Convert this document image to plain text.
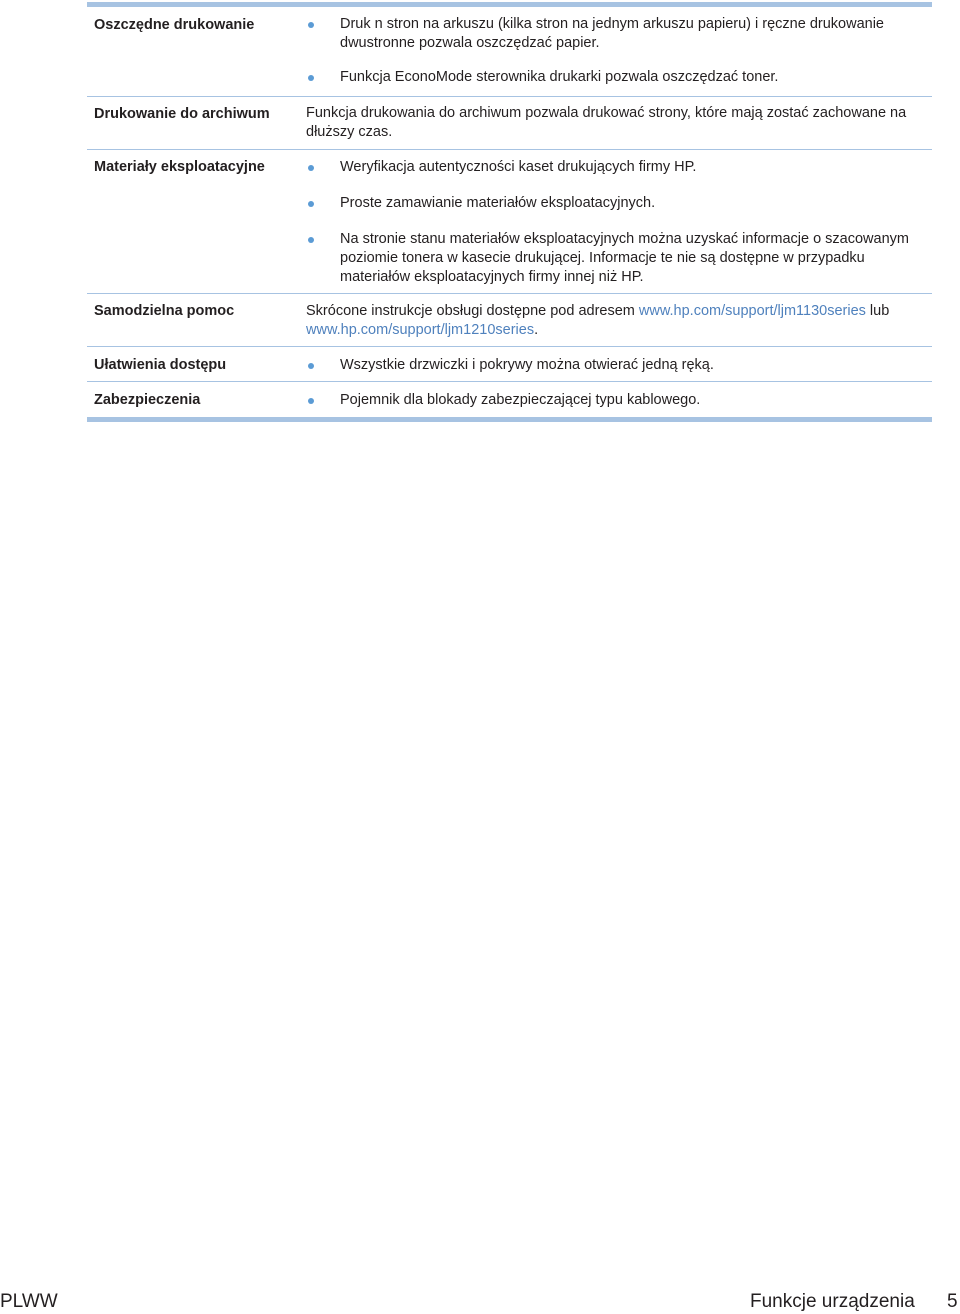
Oszczędne drukowanie	Druk n stron na arkuszu (kilka stron na jednym arkuszu papieru) i ręczne drukowanie dwustronne pozwala oszczędzać papier.
Funkcja EconoMode sterownika drukarki pozwala oszczędzać toner.
Drukowanie do archiwum	Funkcja drukowania do archiwum pozwala drukować strony, które mają zostać zachowane na dłuższy czas.
Materiały eksploatacyjne	Weryfikacja autentyczności kaset drukujących firmy HP.
Proste zamawianie materiałów eksploatacyjnych.
Na stronie stanu materiałów eksploatacyjnych można uzyskać informacje o szacowanym poziomie tonera w kasecie drukującej. Informacje te nie są dostępne w przypadku materiałów eksploatacyjnych firmy innej niż HP.
Samodzielna pomoc	Skrócone instrukcje obsługi dostępne pod adresem www.hp.com/support/ljm1130series lub www.hp.com/support/ljm1210series.
Ułatwienia dostępu	Wszystkie drzwiczki i pokrywy można otwierać jedną ręką.
Zabezpieczenia	Pojemnik dla blokady zabezpieczającej typu kablowego.
PLWW	Funkcje urządzenia 5
